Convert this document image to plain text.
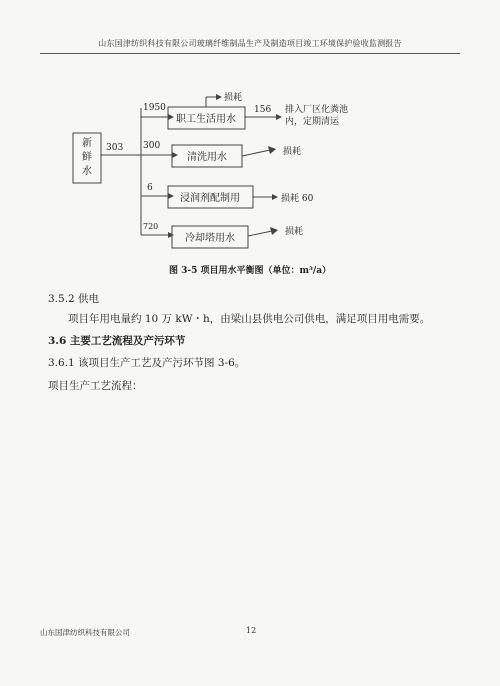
山东国津纺织科技有限公司玻璃纤维制品生产及制造项目竣工环境保护验收监测报告
新鲜水
303
1950
职工生活用水
损耗
156 排入厂区化粪池
内，定期清运
300
清洗用水	损耗
6
浸润剂配制用	损耗 60
720
冷却塔用水
损耗
图 3-5 项目用水平衡图（单位：m³/a）
3.5.2 供电
项目年用电量约 10 万 kW・h，由梁山县供电公司供电，满足项目用电需要。
3.6 主要工艺流程及产污环节
3.6.1 该项目生产工艺及产污环节图 3-6。
项目生产工艺流程：
山东国津纺织科技有限公司	12
